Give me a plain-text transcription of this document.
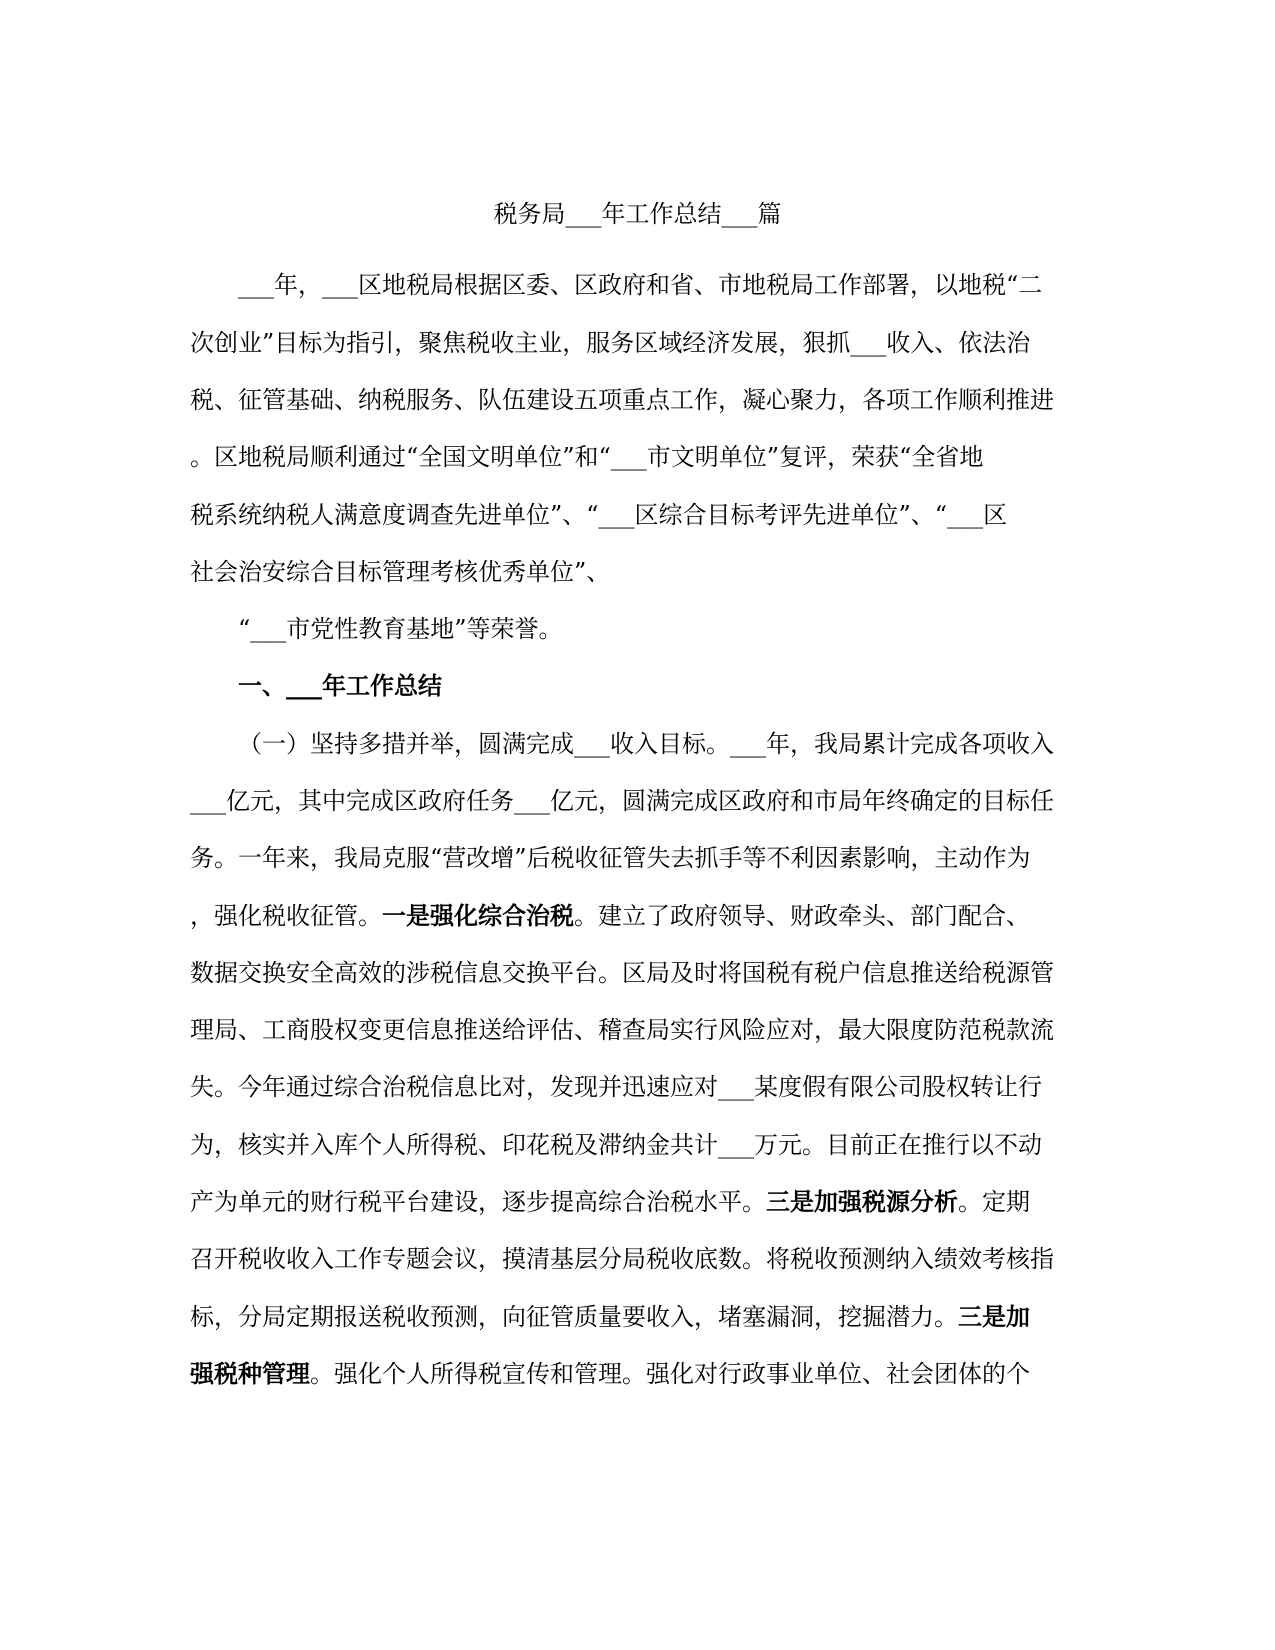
税务局___年工作总结___篇
___年，___区地税局根据区委、区政府和省、市地税局工作部署，以地税“二
次创业”目标为指引，聚焦税收主业，服务区域经济发展，狠抓___收入、依法治
税、征管基础、纳税服务、队伍建设五项重点工作，凝心聚力，各项工作顺利推进
。区地税局顺利通过“全国文明单位”和“___市文明单位”复评，荣获“全省地
税系统纳税人满意度调查先进单位”、“___区综合目标考评先进单位”、“___区
社会治安综合目标管理考核优秀单位”、
“___市党性教育基地”等荣誉。
一、___年工作总结
（一）坚持多措并举，圆满完成___收入目标。___年，我局累计完成各项收入
___亿元，其中完成区政府任务___亿元，圆满完成区政府和市局年终确定的目标任
务。一年来，我局克服“营改增”后税收征管失去抓手等不利因素影响，主动作为
，强化税收征管。一是强化综合治税。建立了政府领导、财政牵头、部门配合、
数据交换安全高效的涉税信息交换平台。区局及时将国税有税户信息推送给税源管
理局、工商股权变更信息推送给评估、稽查局实行风险应对，最大限度防范税款流
失。今年通过综合治税信息比对，发现并迅速应对___某度假有限公司股权转让行
为，核实并入库个人所得税、印花税及滞纳金共计___万元。目前正在推行以不动
产为单元的财行税平台建设，逐步提高综合治税水平。三是加强税源分析。定期
召开税收收入工作专题会议，摸清基层分局税收底数。将税收预测纳入绩效考核指
标，分局定期报送税收预测，向征管质量要收入，堵塞漏洞，挖掘潜力。三是加
强税种管理。强化个人所得税宣传和管理。强化对行政事业单位、社会团体的个
